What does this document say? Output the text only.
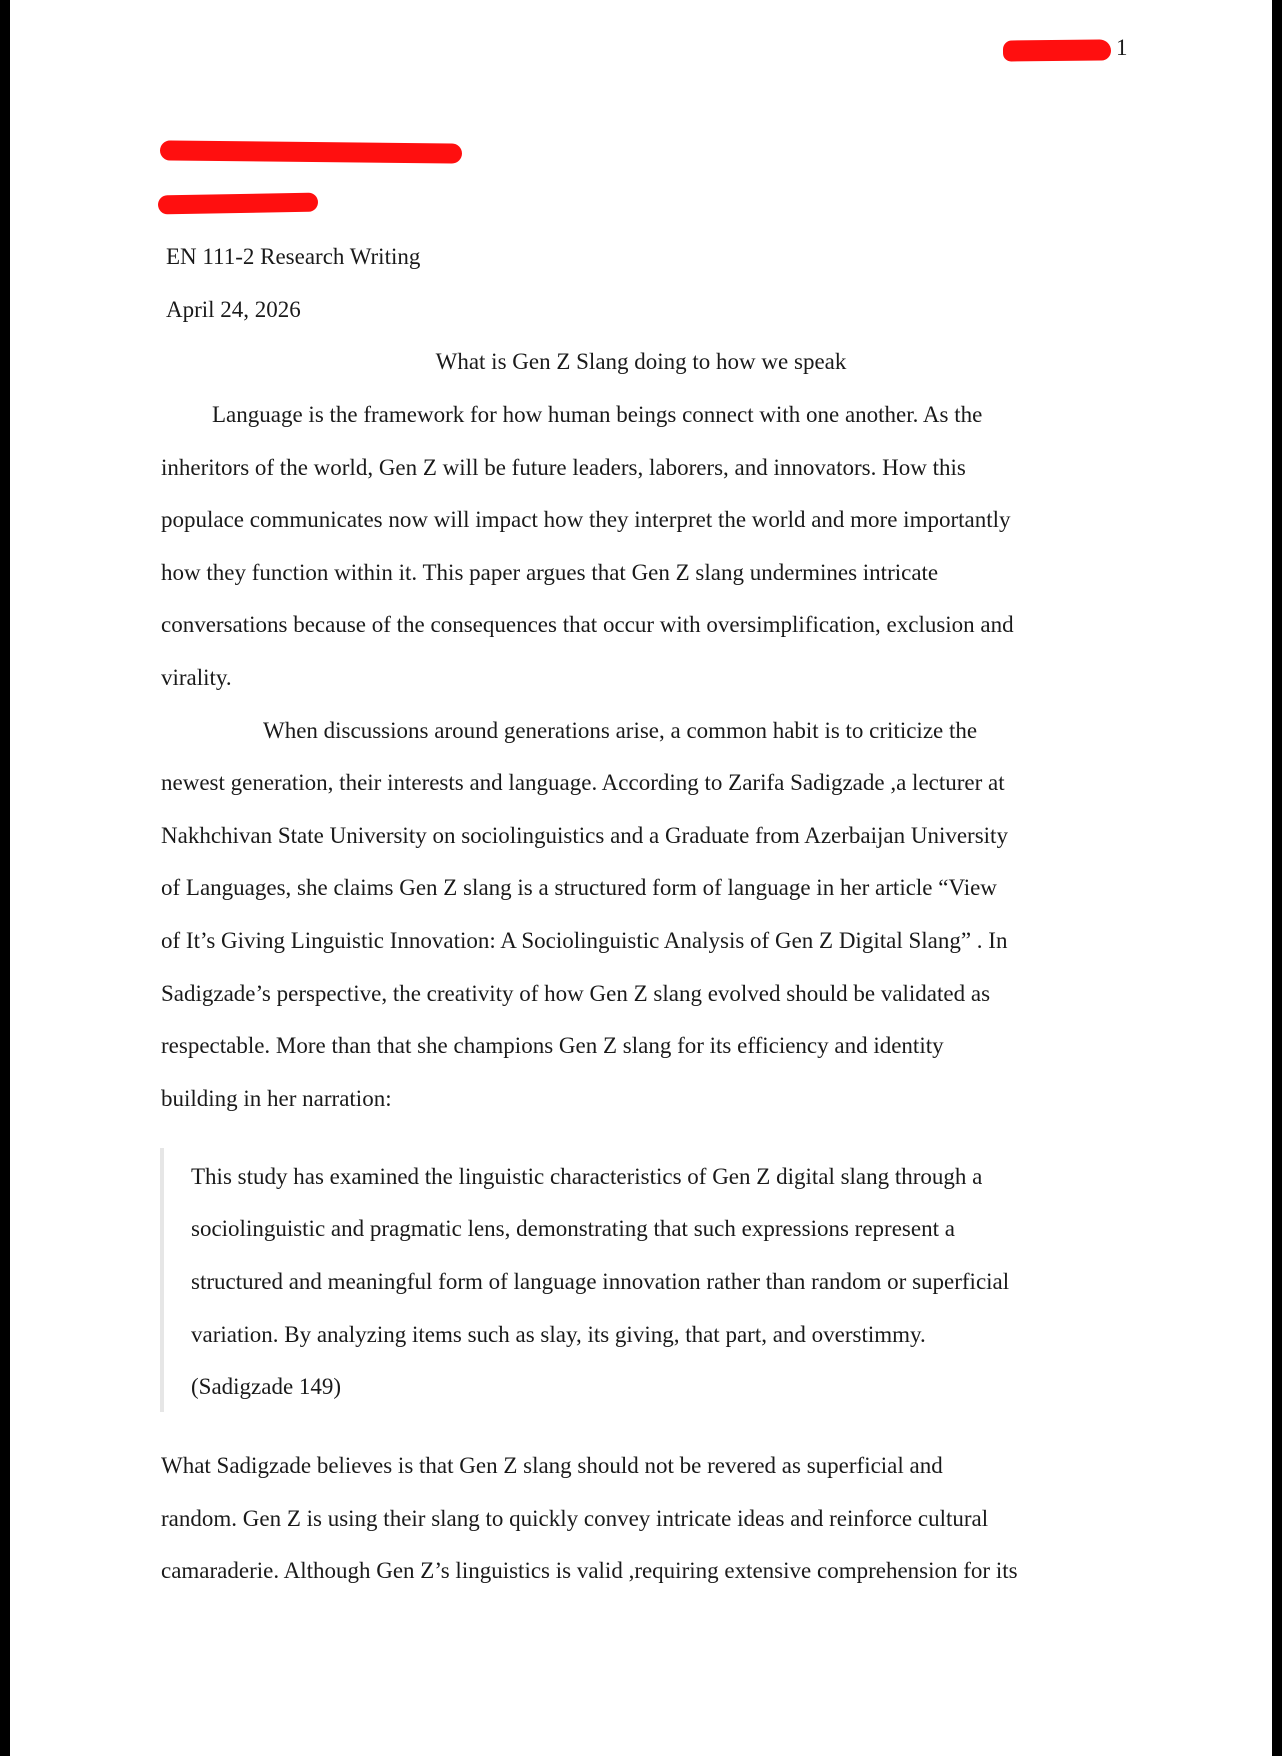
1
EN 111-2 Research Writing
April 24, 2026
What is Gen Z Slang doing to how we speak
Language is the framework for how human beings connect with one another. As the
inheritors of the world, Gen Z will be future leaders, laborers, and innovators. How this
populace communicates now will impact how they interpret the world and more importantly
how they function within it. This paper argues that Gen Z slang undermines intricate
conversations because of the consequences that occur with oversimplification, exclusion and
virality.
When discussions around generations arise, a common habit is to criticize the
newest generation, their interests and language. According to Zarifa Sadigzade ,a lecturer at
Nakhchivan State University on sociolinguistics and a Graduate from Azerbaijan University
of Languages, she claims Gen Z slang is a structured form of language in her article “View
of It’s Giving Linguistic Innovation: A Sociolinguistic Analysis of Gen Z Digital Slang” . In
Sadigzade’s perspective, the creativity of how Gen Z slang evolved should be validated as
respectable. More than that she champions Gen Z slang for its efficiency and identity
building in her narration:
This study has examined the linguistic characteristics of Gen Z digital slang through a
sociolinguistic and pragmatic lens, demonstrating that such expressions represent a
structured and meaningful form of language innovation rather than random or superficial
variation. By analyzing items such as slay, its giving, that part, and overstimmy.
(Sadigzade 149)
What Sadigzade believes is that Gen Z slang should not be revered as superficial and
random. Gen Z is using their slang to quickly convey intricate ideas and reinforce cultural
camaraderie. Although Gen Z’s linguistics is valid ,requiring extensive comprehension for its
